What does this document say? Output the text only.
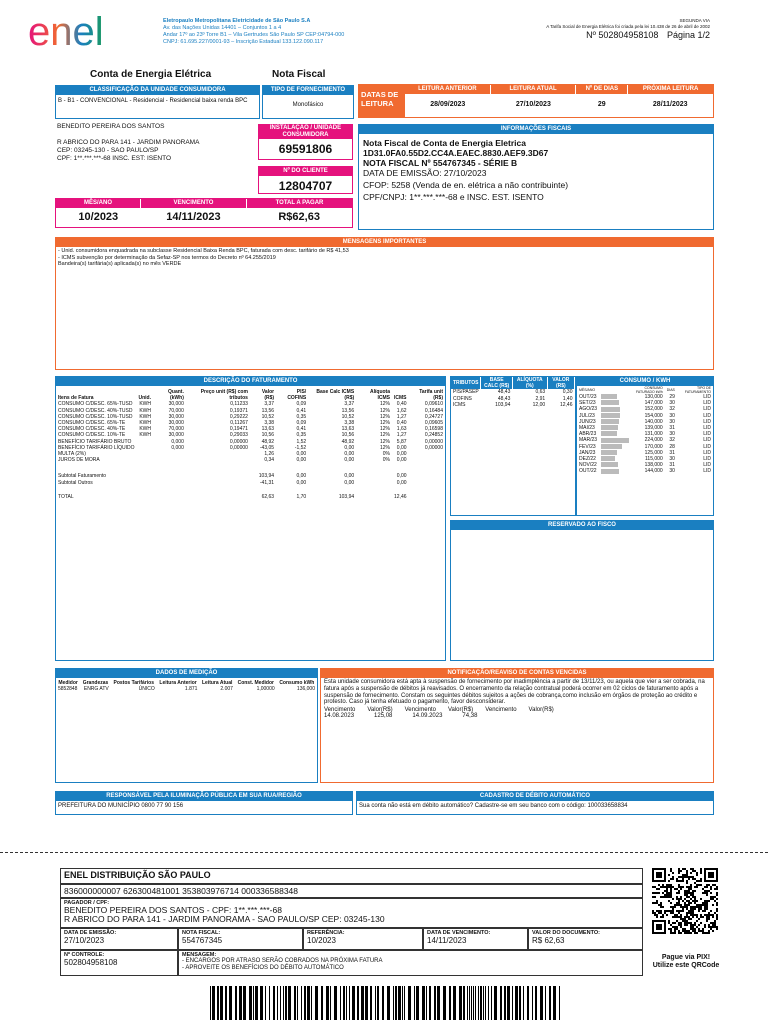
enel	Eletropaulo Metropolitana Eletricidade de São Paulo S.A
Av. das Nações Unidas 14401 – Conjuntos 1 a 4
Andar 17º ao 23º Torre B1 – Vila Gertrudes São Paulo SP CEP:04794-000
CNPJ: 61.695.227/0001-93 – Inscrição Estadual 133.122.090.117
SEGUNDA VIA
A Tarifa Social de Energia Elétrica foi criada pela lei 10.438 de 26 de abril de 2002
Nº 502804958108 Página 1/2
Conta de Energia Elétrica	Nota Fiscal
CLASSIFICAÇÃO DA UNIDADE CONSUMIDORA
B - B1 - CONVENCIONAL - Residencial - Residencial baixa renda BPC
TIPO DE FORNECIMENTO
Monofásico
DATAS DE LEITURA
LEITURA ANTERIOR	LEITURA ATUAL	Nº DE DIAS	PRÓXIMA LEITURA
28/09/2023	27/10/2023	29	28/11/2023
BENEDITO PEREIRA DOS SANTOS
R ABRICO DO PARA 141 - JARDIM PANORAMA
CEP: 03245-130 - SAO PAULO/SP
CPF: 1**.***.***-68 INSC. EST: ISENTO
INSTALAÇÃO / UNIDADE CONSUMIDORA
69591806
Nº DO CLIENTE
12804707
INFORMAÇÕES FISCAIS
Nota Fiscal de Conta de Energia Eletrica
1D31.0FA0.55D2.CC4A.EAEC.8830.AEF9.3D67
NOTA FISCAL Nº 554767345 - SÉRIE B
DATA DE EMISSÃO: 27/10/2023
CFOP: 5258 (Venda de en. elétrica a não contribuinte)
CPF/CNPJ: 1**.***.***-68 e INSC. EST. ISENTO
MÊS/ANO	VENCIMENTO	TOTAL A PAGAR
10/2023	14/11/2023	R$62,63
MENSAGENS IMPORTANTES
- Unid. consumidora enquadrada na subclasse Residencial Baixa Renda BPC, faturada com desc. tarifário de R$ 41,53
- ICMS subvenção por determinação da Sefaz-SP nos termos do Decreto nº 64.255/2019
Bandeira(s) tarifária(s) aplicada(s) no mês VERDE
DESCRIÇÃO DO FATURAMENTO
Itens de Fatura	Unid.	Quant. (kWh)	Preço unit (R$) com tributos	Valor (R$)	PIS/ COFINS	Base Calc ICMS (R$)	Alíquota ICMS	ICMS	Tarifa unit (R$)
CONSUMO C/DESC. 65%-TUSD	KWH	30,000	0,11233	3,37	0,09	3,37	12%	0,40	0,09610
CONSUMO C/DESC. 40%-TUSD	KWH	70,000	0,19371	13,56	0,41	13,56	12%	1,62	0,16484
CONSUMO C/DESC. 10%-TUSD	KWH	30,000	0,29222	10,52	0,35	10,52	12%	1,27	0,24727
CONSUMO C/DESC. 65%-TE	KWH	30,000	0,11267	3,38	0,09	3,38	12%	0,40	0,09605
CONSUMO C/DESC. 40%-TE	KWH	70,000	0,19471	13,63	0,41	13,63	12%	1,63	0,16598
CONSUMO C/DESC. 10%-TE	KWH	30,000	0,29033	10,56	0,35	10,56	12%	1,27	0,24852
BENEFÍCIO TARIFÁRIO BRUTO		0,000	0,00000	48,92	1,52	48,92	12%	5,87	0,00000
BENEFÍCIO TARIFÁRIO LÍQUIDO		0,000	0,00000	-43,05	-1,52	0,00	12%	0,00	0,00000
MULTA (2%)				1,26	0,00	0,00	0%	0,00	
JUROS DE MORA				0,34	0,00	0,00	0%	0,00	

Subtotal Faturamento				103,94	0,00	0,00		0,00	
Subtotal Outros				-41,31	0,00	0,00		0,00	

TOTAL				62,63	1,70	103,94		12,46	
TRIBUTOS	BASE CALC (R$)	ALÍQUOTA (%)	VALOR (R$)
PIS/PASEP	48,43	0,63	0,30
COFINS	48,43	2,91	1,40
ICMS	103,94	12,00	12,46
CONSUMO / KWH
MÊS/ANO		CONSUMO FATURADO kWh	DIAS	TIPO DE FATURAMENTO
OUT/23		130,000	29	LID
SET/23		147,000	30	LID
AGO/23		152,000	32	LID
JUL/23		154,000	30	LID
JUN/23		140,000	30	LID
MAI/23		139,000	31	LID
ABR/23		131,000	30	LID
MAR/23		224,000	32	LID
FEV/23		170,000	28	LID
JAN/23		125,000	31	LID
DEZ/22		115,000	30	LID
NOV/22		138,000	31	LID
OUT/22		144,000	30	LID
RESERVADO AO FISCO
DADOS DE MEDIÇÃO
Medidor	Grandezas	Postos Tarifários	Leitura Anterior	Leitura Atual	Const. Medidor	Consumo kWh
5852848	ENRG ATV	ÚNICO	1.871	2.007	1,00000	136,000
NOTIFICAÇÃO/REAVISO DE CONTAS VENCIDAS
Esta unidade consumidora está apta à suspensão de fornecimento por inadimplência a partir de 13/11/23, ou aquela que vier a ser cobrada, na fatura após a suspensão de débitos já reavisados. O encerramento da relação contratual poderá ocorrer em 02 ciclos de faturamento após a suspensão de fornecimento. Constam os seguintes débitos sujeitos a ações de cobrança,como inclusão em órgãos de proteção ao crédito e protesto. Caso já tenha efetuado o pagamento, favor desconsiderar.
Vencimento Valor(R$) Vencimento Valor(R$) Vencimento Valor(R$)
14.08.2023	125,08	14.09.2023	74,38
RESPONSÁVEL PELA ILUMINAÇÃO PÚBLICA EM SUA RUA/REGIÃO
PREFEITURA DO MUNICÍPIO 0800 77 90 156
CADASTRO DE DÉBITO AUTOMÁTICO
Sua conta não está em débito automático? Cadastre-se em seu banco com o código: 100033658834
ENEL DISTRIBUIÇÃO SÃO PAULO
836000000007 626300481001 353803976714 000336588348
PAGADOR / CPF:
BENEDITO PEREIRA DOS SANTOS - CPF: 1**.***.***-68
R ABRICO DO PARA 141 - JARDIM PANORAMA - SAO PAULO/SP CEP: 03245-130
DATA DE EMISSÃO:
27/10/2023
NOTA FISCAL:
554767345
REFERÊNCIA:
10/2023
DATA DE VENCIMENTO:
14/11/2023
VALOR DO DOCUMENTO:
R$ 62,63
Nº CONTROLE:
502804958108
MENSAGEM:
- ENCARGOS POR ATRASO SERÃO COBRADOS NA PRÓXIMA FATURA
- APROVEITE OS BENEFÍCIOS DO DÉBITO AUTOMÁTICO
Pague via PIX!
Utilize este QRCode
